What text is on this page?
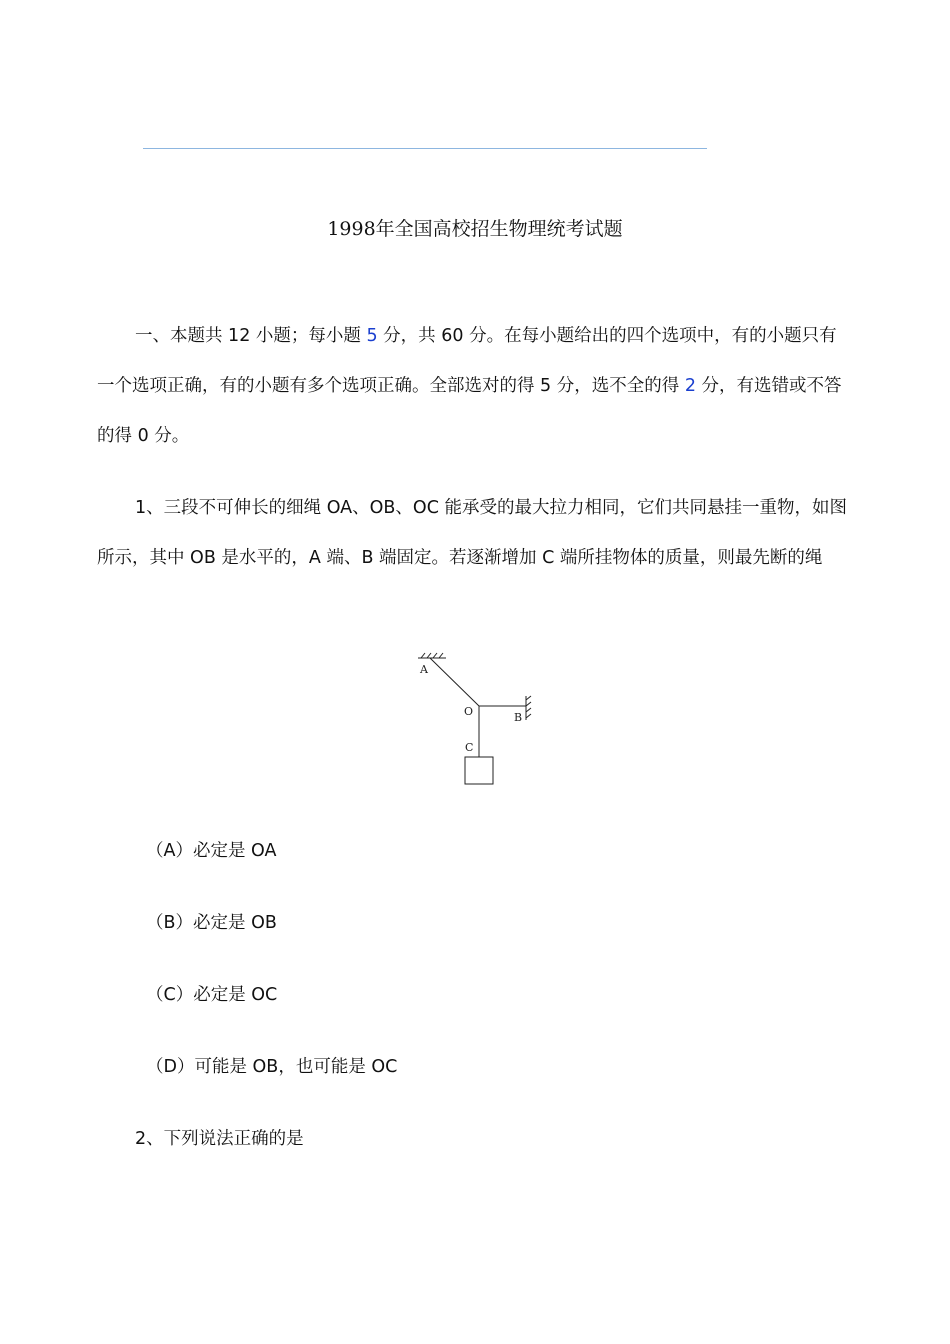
1998年全国高校招生物理统考试题

一、本题共 12 小题；每小题 5 分，共 60 分。在每小题给出的四个选项中，有的小题只有一个选项正确，有的小题有多个选项正确。全部选对的得 5 分，选不全的得 2 分，有选错或不答的得 0 分。

1、三段不可伸长的细绳 OA、OB、OC 能承受的最大拉力相同，它们共同悬挂一重物，如图所示，其中 OB 是水平的，A 端、B 端固定。若逐渐增加 C 端所挂物体的质量，则最先断的绳

A
O	B
C

（A）必定是 OA

（B）必定是 OB

（C）必定是 OC

（D）可能是 OB，也可能是 OC

2、下列说法正确的是
